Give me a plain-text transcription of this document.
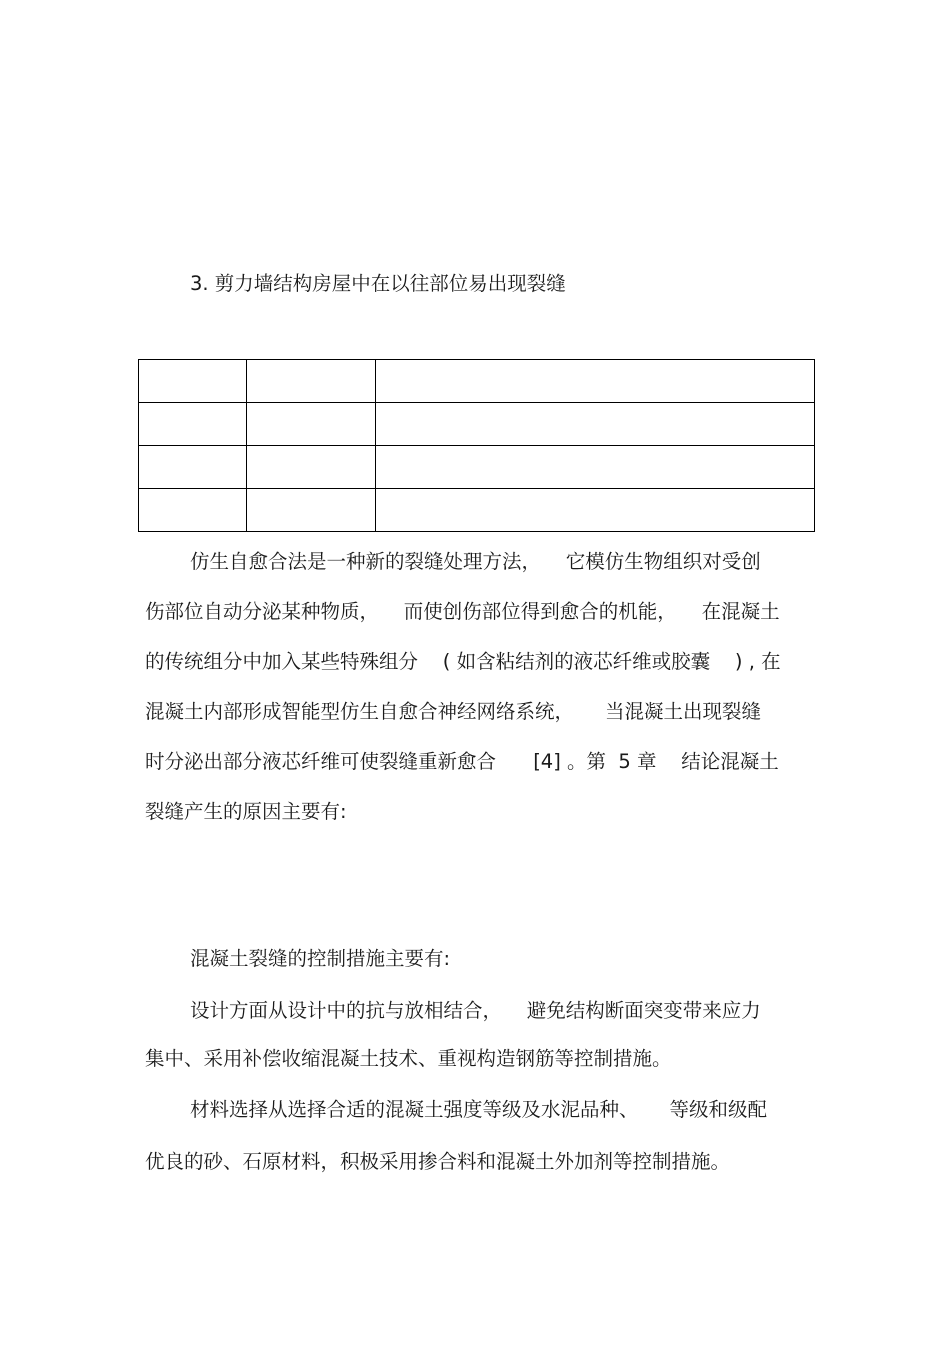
3. 剪力墙结构房屋中在以往部位易出现裂缝

仿生自愈合法是一种新的裂缝处理方法，    它模仿生物组织对受创
伤部位自动分泌某种物质，    而使创伤部位得到愈合的机能，    在混凝土
的传统组分中加入某些特殊组分    ( 如含粘结剂的液芯纤维或胶囊    ) , 在
混凝土内部形成智能型仿生自愈合神经网络系统，     当混凝土出现裂缝
时分泌出部分液芯纤维可使裂缝重新愈合      [4] 。第  5 章    结论混凝土
裂缝产生的原因主要有:
混凝土裂缝的控制措施主要有:
设计方面从设计中的抗与放相结合，    避免结构断面突变带来应力
集中、采用补偿收缩混凝土技术、重视构造钢筋等控制措施。
材料选择从选择合适的混凝土强度等级及水泥品种、     等级和级配
优良的砂、石原材料，积极采用掺合料和混凝土外加剂等控制措施。
